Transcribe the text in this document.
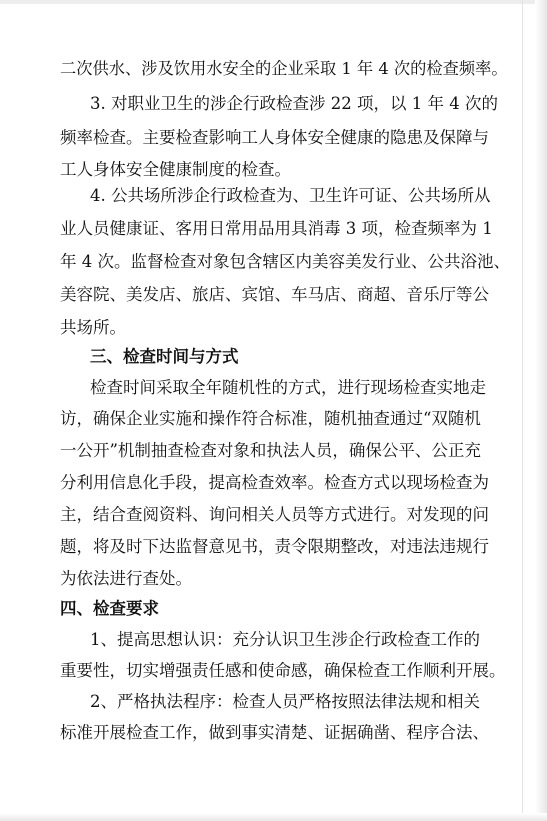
二次供水、涉及饮用水安全的企业采取 1 年 4 次的检查频率。

3. 对职业卫生的涉企行政检查涉 22 项，以 1 年 4 次的

频率检查。主要检查影响工人身体安全健康的隐患及保障与

工人身体安全健康制度的检查。

4. 公共场所涉企行政检查为、卫生许可证、公共场所从

业人员健康证、客用日常用品用具消毒 3 项，检查频率为 1

年 4 次。监督检查对象包含辖区内美容美发行业、公共浴池、

美容院、美发店、旅店、宾馆、车马店、商超、音乐厅等公

共场所。

三、检查时间与方式

检查时间采取全年随机性的方式，进行现场检查实地走

访，确保企业实施和操作符合标准，随机抽查通过“双随机

一公开”机制抽查检查对象和执法人员，确保公平、公正充

分利用信息化手段，提高检查效率。检查方式以现场检查为

主，结合查阅资料、询问相关人员等方式进行。对发现的问

题，将及时下达监督意见书，责令限期整改，对违法违规行

为依法进行查处。

四、检查要求

1、提高思想认识：充分认识卫生涉企行政检查工作的

重要性，切实增强责任感和使命感，确保检查工作顺利开展。

2、严格执法程序：检查人员严格按照法律法规和相关

标准开展检查工作，做到事实清楚、证据确凿、程序合法、
